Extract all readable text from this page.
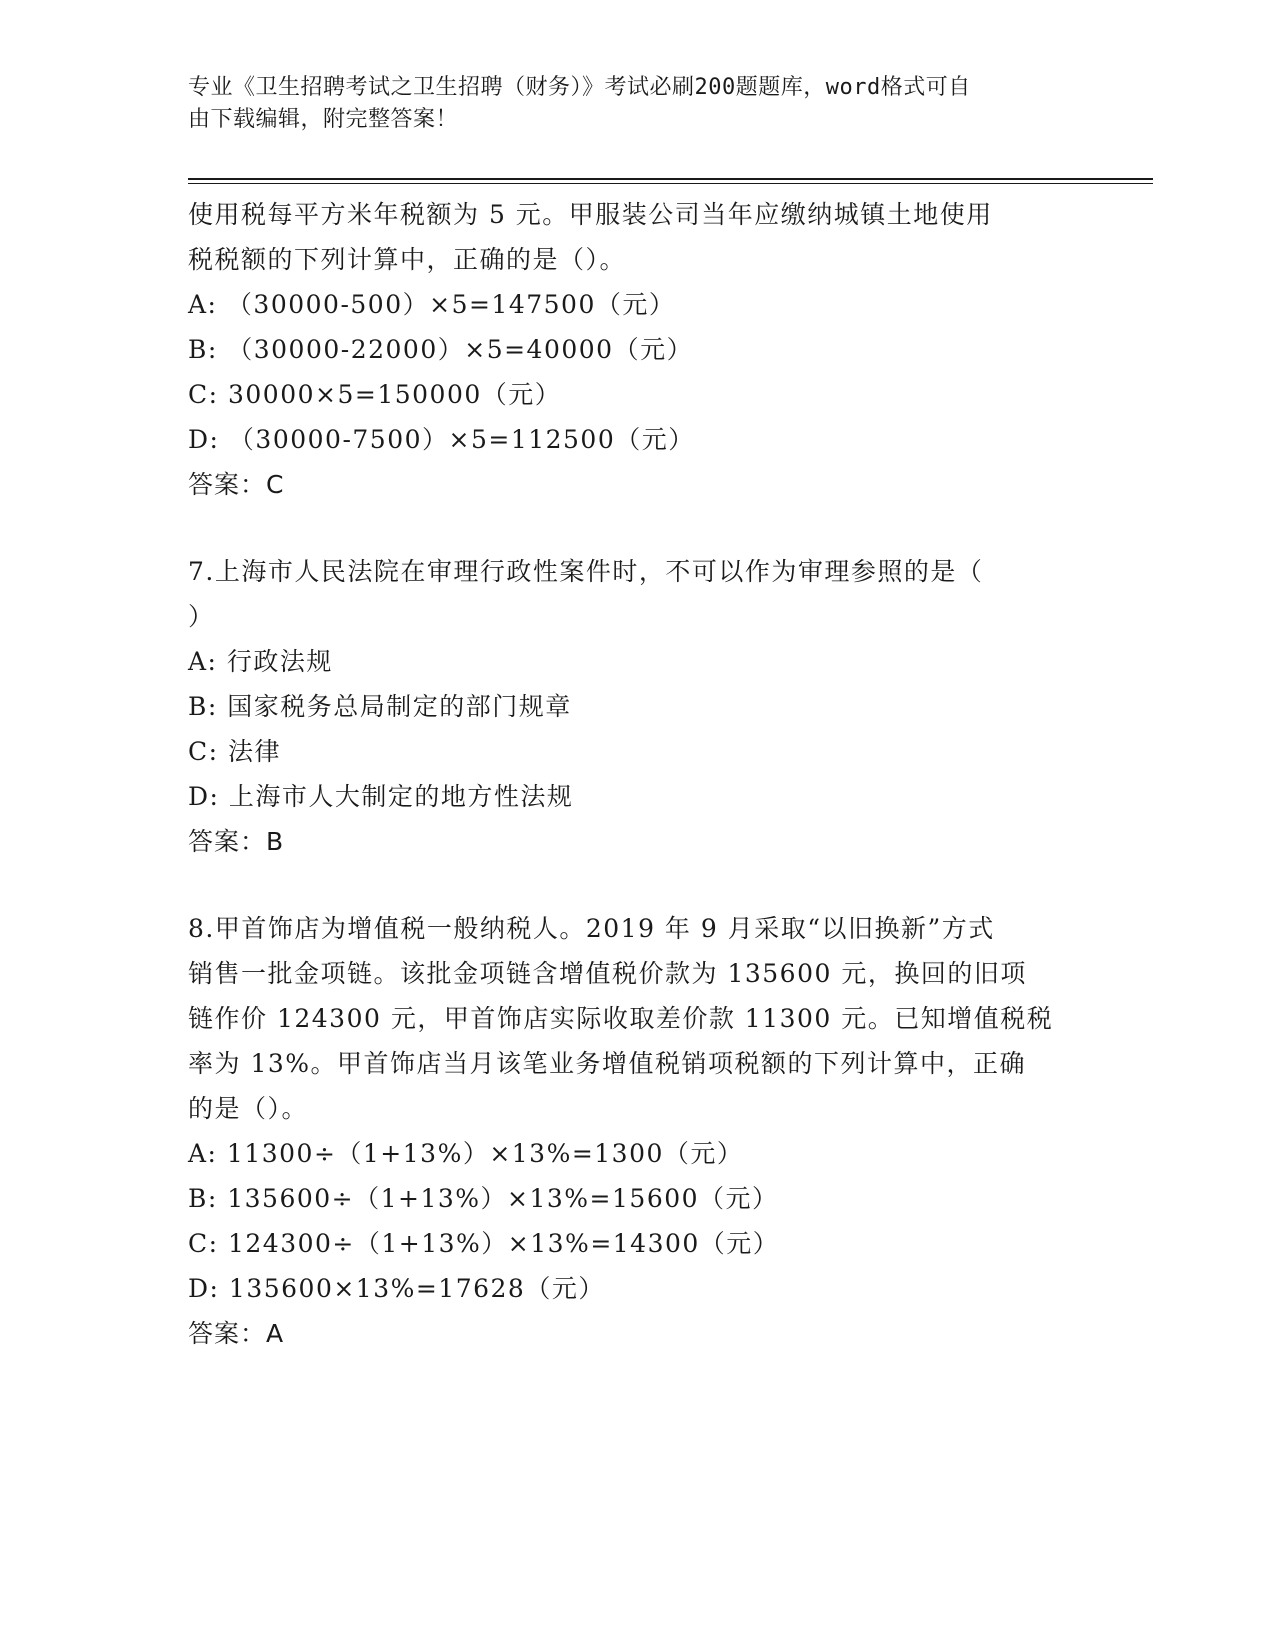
专业《卫生招聘考试之卫生招聘（财务）》考试必刷200题题库，word格式可自
由下载编辑，附完整答案！
使用税每平方米年税额为 5 元。甲服装公司当年应缴纳城镇土地使用
税税额的下列计算中，正确的是（）。
A: （30000-500）×5=147500（元）
B: （30000-22000）×5=40000（元）
C: 30000×5=150000（元）
D: （30000-7500）×5=112500（元）
答案：C
7.上海市人民法院在审理行政性案件时，不可以作为审理参照的是（
）
A: 行政法规
B: 国家税务总局制定的部门规章
C: 法律
D: 上海市人大制定的地方性法规
答案：B
8.甲首饰店为增值税一般纳税人。2019 年 9 月采取“以旧换新”方式
销售一批金项链。该批金项链含增值税价款为 135600 元，换回的旧项
链作价 124300 元，甲首饰店实际收取差价款 11300 元。已知增值税税
率为 13%。甲首饰店当月该笔业务增值税销项税额的下列计算中，正确
的是（）。
A: 11300÷（1+13%）×13%=1300（元）
B: 135600÷（1+13%）×13%=15600（元）
C: 124300÷（1+13%）×13%=14300（元）
D: 135600×13%=17628（元）
答案：A
